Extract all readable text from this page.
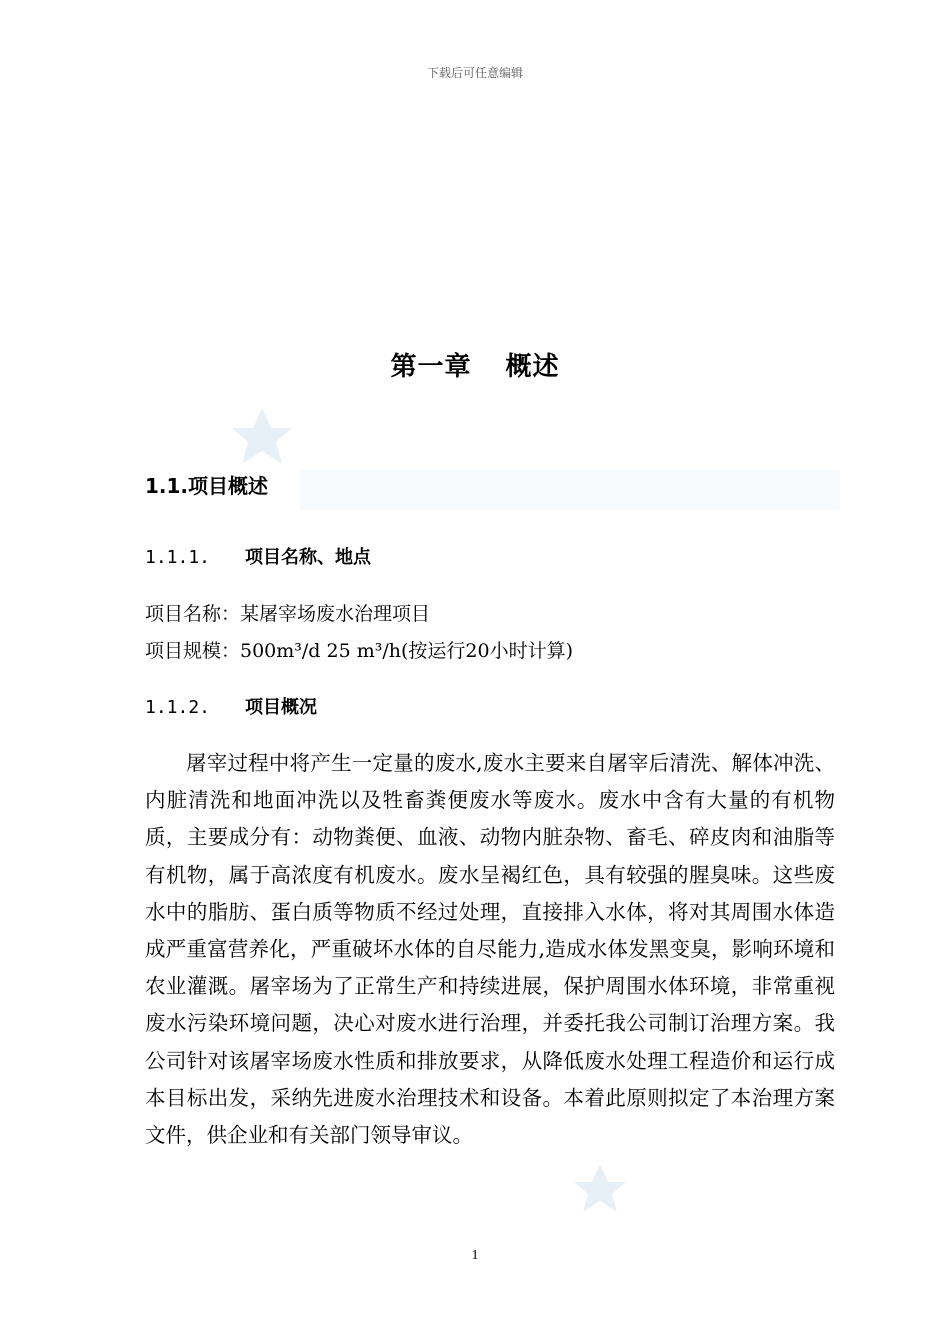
下载后可任意编辑
第一章 概述
1.1.项目概述
1.1.1. 项目名称、地点
项目名称：某屠宰场废水治理项目
项目规模：500m³/d 25 m³/h(按运行20小时计算)
1.1.2. 项目概况

屠宰过程中将产生一定量的废水,废水主要来自屠宰后清洗、解体冲洗、内脏清洗和地面冲洗以及牲畜粪便废水等废水。废水中含有大量的有机物质，主要成分有：动物粪便、血液、动物内脏杂物、畜毛、碎皮肉和油脂等有机物，属于高浓度有机废水。废水呈褐红色，具有较强的腥臭味。这些废水中的脂肪、蛋白质等物质不经过处理，直接排入水体，将对其周围水体造成严重富营养化，严重破坏水体的自尽能力,造成水体发黑变臭，影响环境和农业灌溉。屠宰场为了正常生产和持续进展，保护周围水体环境，非常重视废水污染环境问题，决心对废水进行治理，并委托我公司制订治理方案。我公司针对该屠宰场废水性质和排放要求，从降低废水处理工程造价和运行成本目标出发，采纳先进废水治理技术和设备。本着此原则拟定了本治理方案文件，供企业和有关部门领导审议。

1
